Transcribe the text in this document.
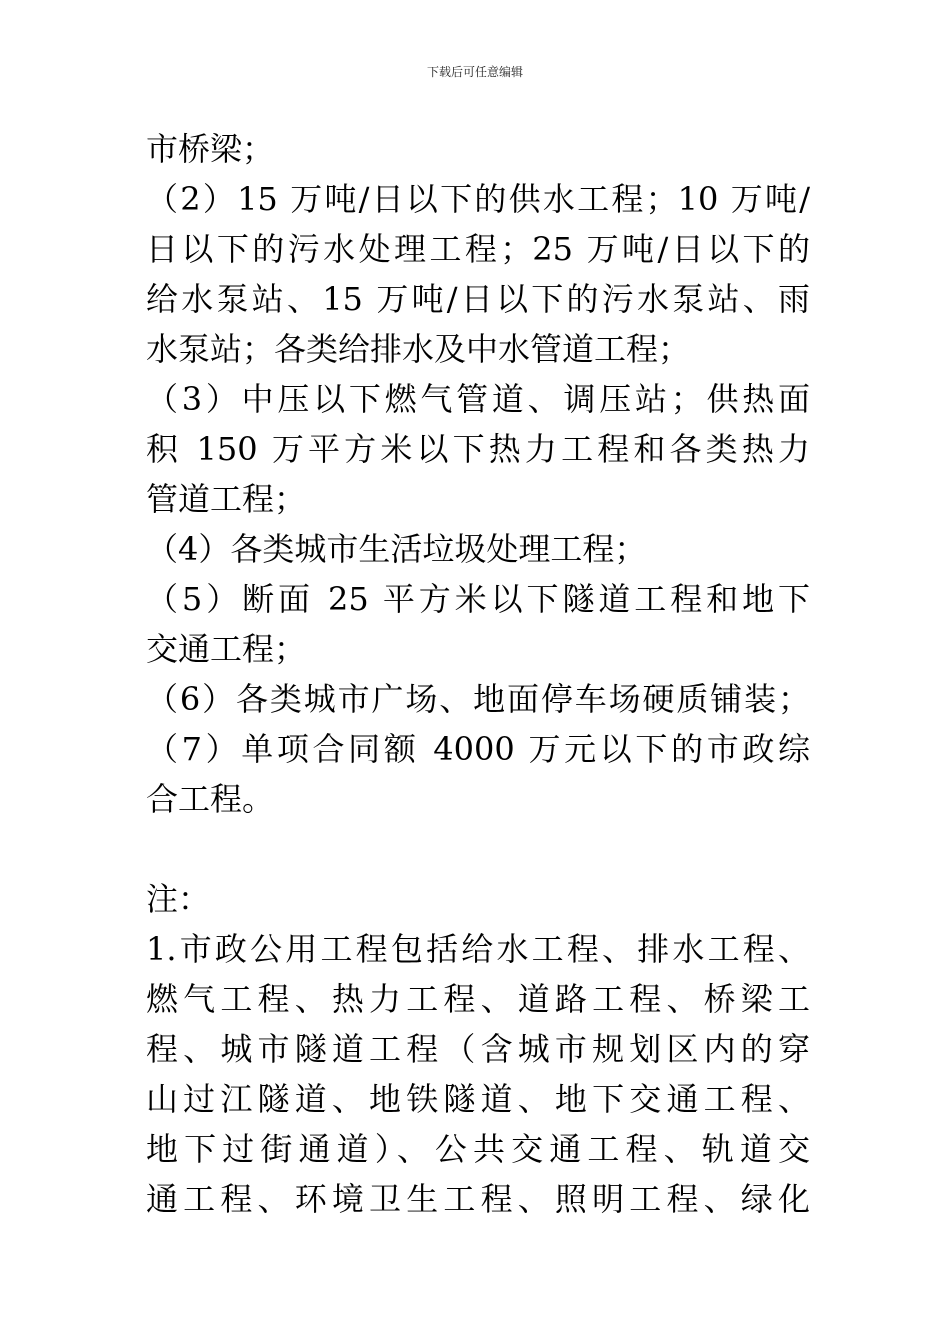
下载后可任意编辑
市桥梁；
（2）15 万吨/日以下的供水工程；10 万吨/
日以下的污水处理工程；25 万吨/日以下的
给水泵站、15 万吨/日以下的污水泵站、雨
水泵站；各类给排水及中水管道工程；
（3）中压以下燃气管道、调压站；供热面
积 150 万平方米以下热力工程和各类热力
管道工程；
（4）各类城市生活垃圾处理工程；
（5）断面 25 平方米以下隧道工程和地下
交通工程；
（6）各类城市广场、地面停车场硬质铺装；
（7）单项合同额 4000 万元以下的市政综
合工程。
注：
1.市政公用工程包括给水工程、排水工程、
燃气工程、热力工程、道路工程、桥梁工
程、城市隧道工程（含城市规划区内的穿
山过江隧道、地铁隧道、地下交通工程、
地下过街通道）、公共交通工程、轨道交
通工程、环境卫生工程、照明工程、绿化
